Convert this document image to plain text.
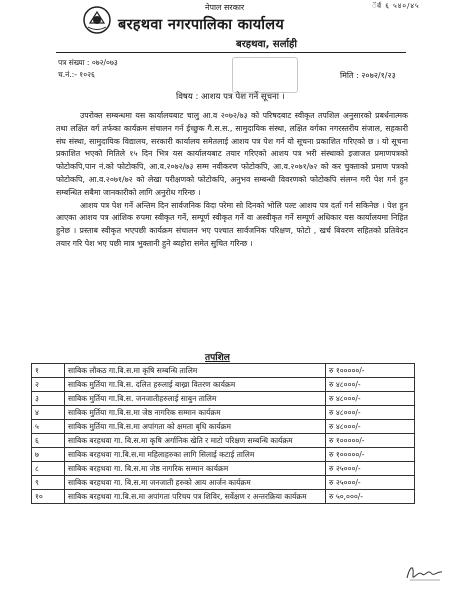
ॅर्व ६ ५४०/४५
नेपाल सरकार
बरहथवा नगरपालिका कार्यालय
बरहथवा, सर्लाही
पत्र संख्या : ०७२/०७३
च.नं.:- १०२६	मिति : २०७२/१/२३
विषय : आशय पत्र पेश गर्ने सूचना ।

उपरोक्त सम्बन्धमा यस कार्यालयबाट चालु आ.व २०७२/७३ को परिषदबाट स्वीकृत तपशिल अनुसारको प्रबर्धनात्मक तथा लक्षित वर्ग तर्फका कार्यक्रम संचालन गर्न ईच्छुक गै.स.स., सामुदायिक संस्था, लक्षित वर्गका नगरस्तरीय संजाल, सहकारी संघ संस्था, सामुदायिक विद्यालय, सरकारी कार्यालय समेतलाई आशय पत्र पेश गर्न यो सूचना प्रकाशित गरिएको छ । यो सूचना प्रकाशित भएको मितिले १५ दिन भित्र यस कार्यालयबाट तयार गरिएको आशय पत्र भरी संस्थाको इजाजत प्रमाणपत्रको फोटोकपि,पान नं.को फोटोकपि, आ.व.२०७२/७३ सम्म नवीकरण फोटोकपि, आ.व.२०७१/७२ को कर चुक्ताको प्रमाण पत्रको फोटोकपि, आ.व.२०७१/७२ को लेखा परीक्षणको फोटोकपि, अनुभव सम्बन्धी विवरणको फोटोकपि संलग्न गरी पेश गर्न हुन सम्बन्धित सबैमा जानकारीको लागि अनुरोध गरिन्छ ।

आशय पत्र पेश गर्ने अन्तिम दिन सार्वजनिक विदा परेमा सो दिनको भोलि पल्ट आशय पत्र दर्ता गर्न सकिनेछ । पेश हुन आएका आशय पत्र आंशिक रुपमा स्वीकृत गर्ने, सम्पूर्ण स्वीकृत गर्ने वा अस्वीकृत गर्ने सम्पूर्ण अधिकार यस कार्यालयमा निहित हुनेछ । प्रस्ताब स्वीकृत भएपछी कार्यक्रम संचालन भए पश्चात सार्वजनिक परिक्षण, फोटो , खर्च बिवरण सहितको प्रतिवेदन तयार गरि पेश भए पछी मात्र भुक्तानी हुने ब्यहोरा समेत सुचित गरिन्छ ।

तपशिल
१	साबिक लौकठ गा.बि.स.मा कृषि सम्बन्धि तालिम	रु १०००००/-
२	साबिक मुर्तिया गा.बि.स. दलित हरुलाई बाख्रा वितरण कार्यक्रम	रु ४८०००/-
३	साबिक मुर्तिया गा.बि.स. जनजातीहरुलाई साबुन तालिम	रु ४८०००/-
४	साबिक मुर्तिया गा.बि.स.मा जेष्ठ नागरिक सम्मान कार्यक्रम	रु ४८०००/-
५	साबिक मुर्तिया गा.बि.स.मा अपांगता को क्षमता बृधि कार्यक्रम	रु ४८०००/-
६	साबिक बरहथवा गा. बि.स.मा कृषि अर्गानिक खेति र माटो परिक्षण सम्बन्धि कार्यक्रम	रु १०००००/-
७	साबिक बरहथवा गा.बि.स.मा महिलाहरुका लागि सिलाई कटाई तालिम	रु १०००००/-
८	साबिक बरहथवा गा. बि.स.मा जेष्ठ नागरिक सम्मान कार्यक्रम	रु २५०००/-
९	साबिक बरहथवा गा. बि.स.मा जनजाती हरुको आय आर्जन कार्यक्रम	रु २५०००/-
१०	साबिक बरहथवा गा.बि.स.मा अपांगता परिचय पत्र शिविर, सर्वेक्षण र अन्तरक्रिया कार्यक्रम	रु ५०,०००/-
